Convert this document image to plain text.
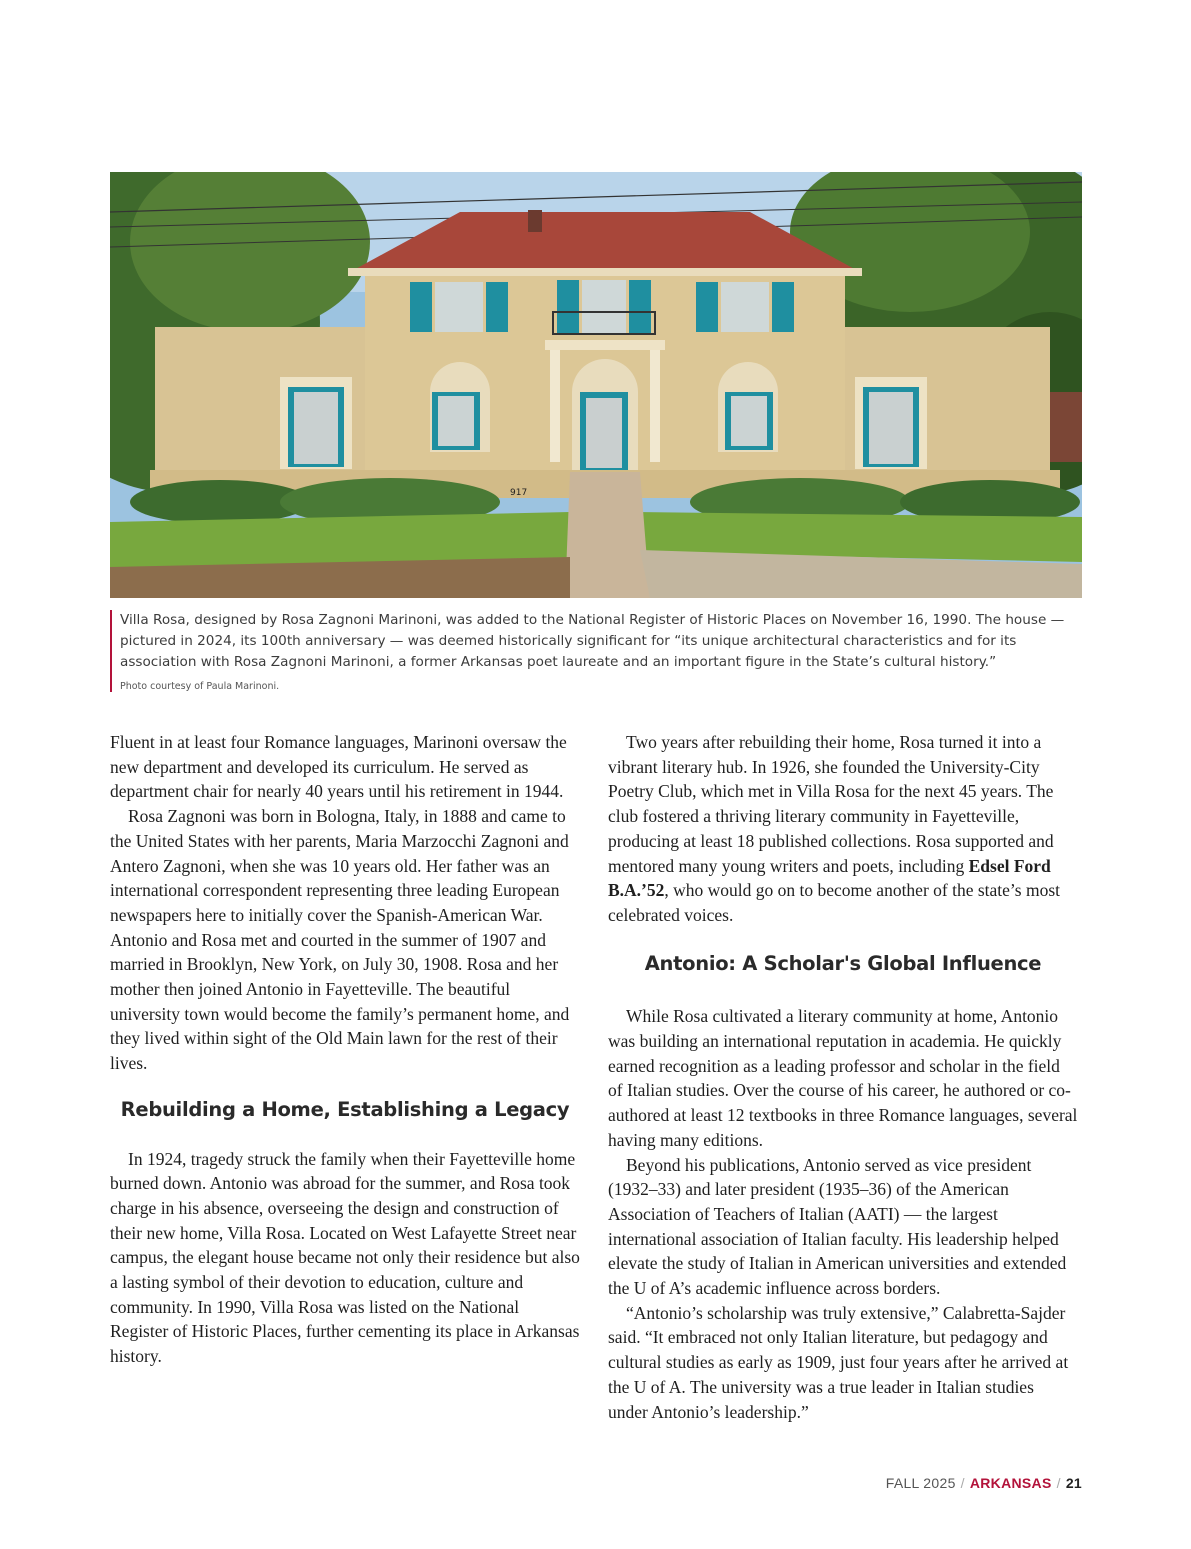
917

Villa Rosa, designed by Rosa Zagnoni Marinoni, was added to the National Register of Historic Places on November 16, 1990. The house — pictured in 2024, its 100th anniversary — was deemed historically significant for “its unique architectural characteristics and for its association with Rosa Zagnoni Marinoni, a former Arkansas poet laureate and an important figure in the State’s cultural history.”

Photo courtesy of Paula Marinoni.

Fluent in at least four Romance languages, Marinoni oversaw the new department and developed its curriculum. He served as department chair for nearly 40 years until his retirement in 1944.

Rosa Zagnoni was born in Bologna, Italy, in 1888 and came to the United States with her parents, Maria Marzocchi Zagnoni and Antero Zagnoni, when she was 10 years old. Her father was an international correspondent representing three leading European newspapers here to initially cover the Spanish-American War. Antonio and Rosa met and courted in the summer of 1907 and married in Brooklyn, New York, on July 30, 1908. Rosa and her mother then joined Antonio in Fayetteville. The beautiful university town would become the family’s permanent home, and they lived within sight of the Old Main lawn for the rest of their lives.

Rebuilding a Home, Establishing a Legacy

In 1924, tragedy struck the family when their Fayetteville home burned down. Antonio was abroad for the summer, and Rosa took charge in his absence, overseeing the design and construction of their new home, Villa Rosa. Located on West Lafayette Street near campus, the elegant house became not only their residence but also a lasting symbol of their devotion to education, culture and community. In 1990, Villa Rosa was listed on the National Register of Historic Places, further cementing its place in Arkansas history.

Two years after rebuilding their home, Rosa turned it into a vibrant literary hub. In 1926, she founded the University-City Poetry Club, which met in Villa Rosa for the next 45 years. The club fostered a thriving literary community in Fayetteville, producing at least 18 published collections. Rosa supported and mentored many young writers and poets, including Edsel Ford B.A.’52, who would go on to become another of the state’s most celebrated voices.

Antonio: A Scholar's Global Influence

While Rosa cultivated a literary community at home, Antonio was building an international reputation in academia. He quickly earned recognition as a leading professor and scholar in the field of Italian studies. Over the course of his career, he authored or co-authored at least 12 textbooks in three Romance languages, several having many editions.

Beyond his publications, Antonio served as vice president (1932–33) and later president (1935–36) of the American Association of Teachers of Italian (AATI) — the largest international association of Italian faculty. His leadership helped elevate the study of Italian in American universities and extended the U of A’s academic influence across borders.

“Antonio’s scholarship was truly extensive,” Calabretta-Sajder said. “It embraced not only Italian literature, but pedagogy and cultural studies as early as 1909, just four years after he arrived at the U of A. The university was a true leader in Italian studies under Antonio’s leadership.”

FALL 2025 / ARKANSAS / 21
